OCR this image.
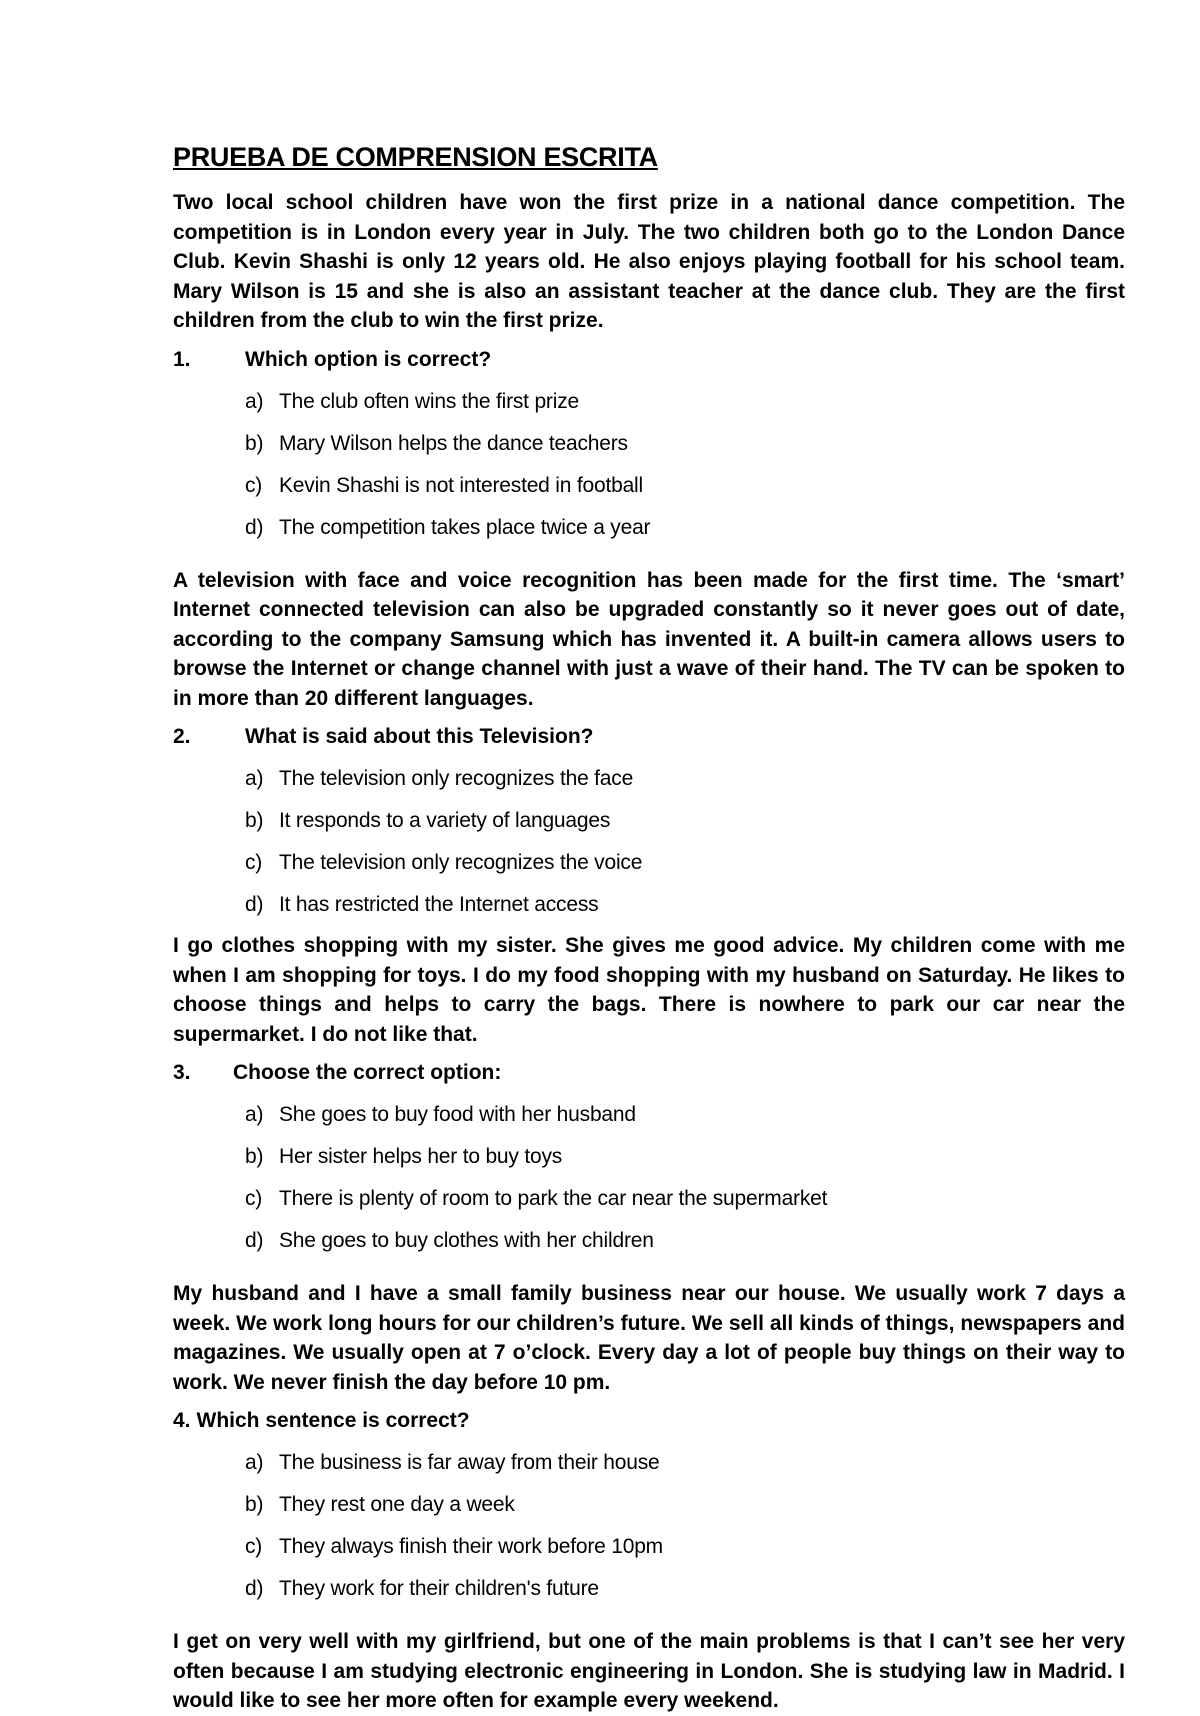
PRUEBA DE COMPRENSION ESCRITA

Two local school children have won the first prize in a national dance competition. The competition is in London every year in July. The two children both go to the London Dance Club. Kevin Shashi is only 12 years old. He also enjoys playing football for his school team. Mary Wilson is 15 and she is also an assistant teacher at the dance club. They are the first children from the club to win the first prize.

1.	Which option is correct?
a) The club often wins the first prize
b) Mary Wilson helps the dance teachers
c) Kevin Shashi is not interested in football
d) The competition takes place twice a year

A television with face and voice recognition has been made for the first time. The ‘smart’ Internet connected television can also be upgraded constantly so it never goes out of date, according to the company Samsung which has invented it. A built-in camera allows users to browse the Internet or change channel with just a wave of their hand. The TV can be spoken to in more than 20 different languages.

2.	What is said about this Television?
a) The television only recognizes the face
b) It responds to a variety of languages
c) The television only recognizes the voice
d) It has restricted the Internet access

I go clothes shopping with my sister. She gives me good advice. My children come with me when I am shopping for toys. I do my food shopping with my husband on Saturday. He likes to choose things and helps to carry the bags. There is nowhere to park our car near the supermarket. I do not like that.

3.	Choose the correct option:
a) She goes to buy food with her husband
b) Her sister helps her to buy toys
c) There is plenty of room to park the car near the supermarket
d) She goes to buy clothes with her children

My husband and I have a small family business near our house. We usually work 7 days a week. We work long hours for our children’s future. We sell all kinds of things, newspapers and magazines. We usually open at 7 o’clock. Every day a lot of people buy things on their way to work. We never finish the day before 10 pm.

4. Which sentence is correct?
a) The business is far away from their house
b) They rest one day a week
c) They always finish their work before 10pm
d) They work for their children's future

I get on very well with my girlfriend, but one of the main problems is that I can’t see her very often because I am studying electronic engineering in London. She is studying law in Madrid. I would like to see her more often for example every weekend.
